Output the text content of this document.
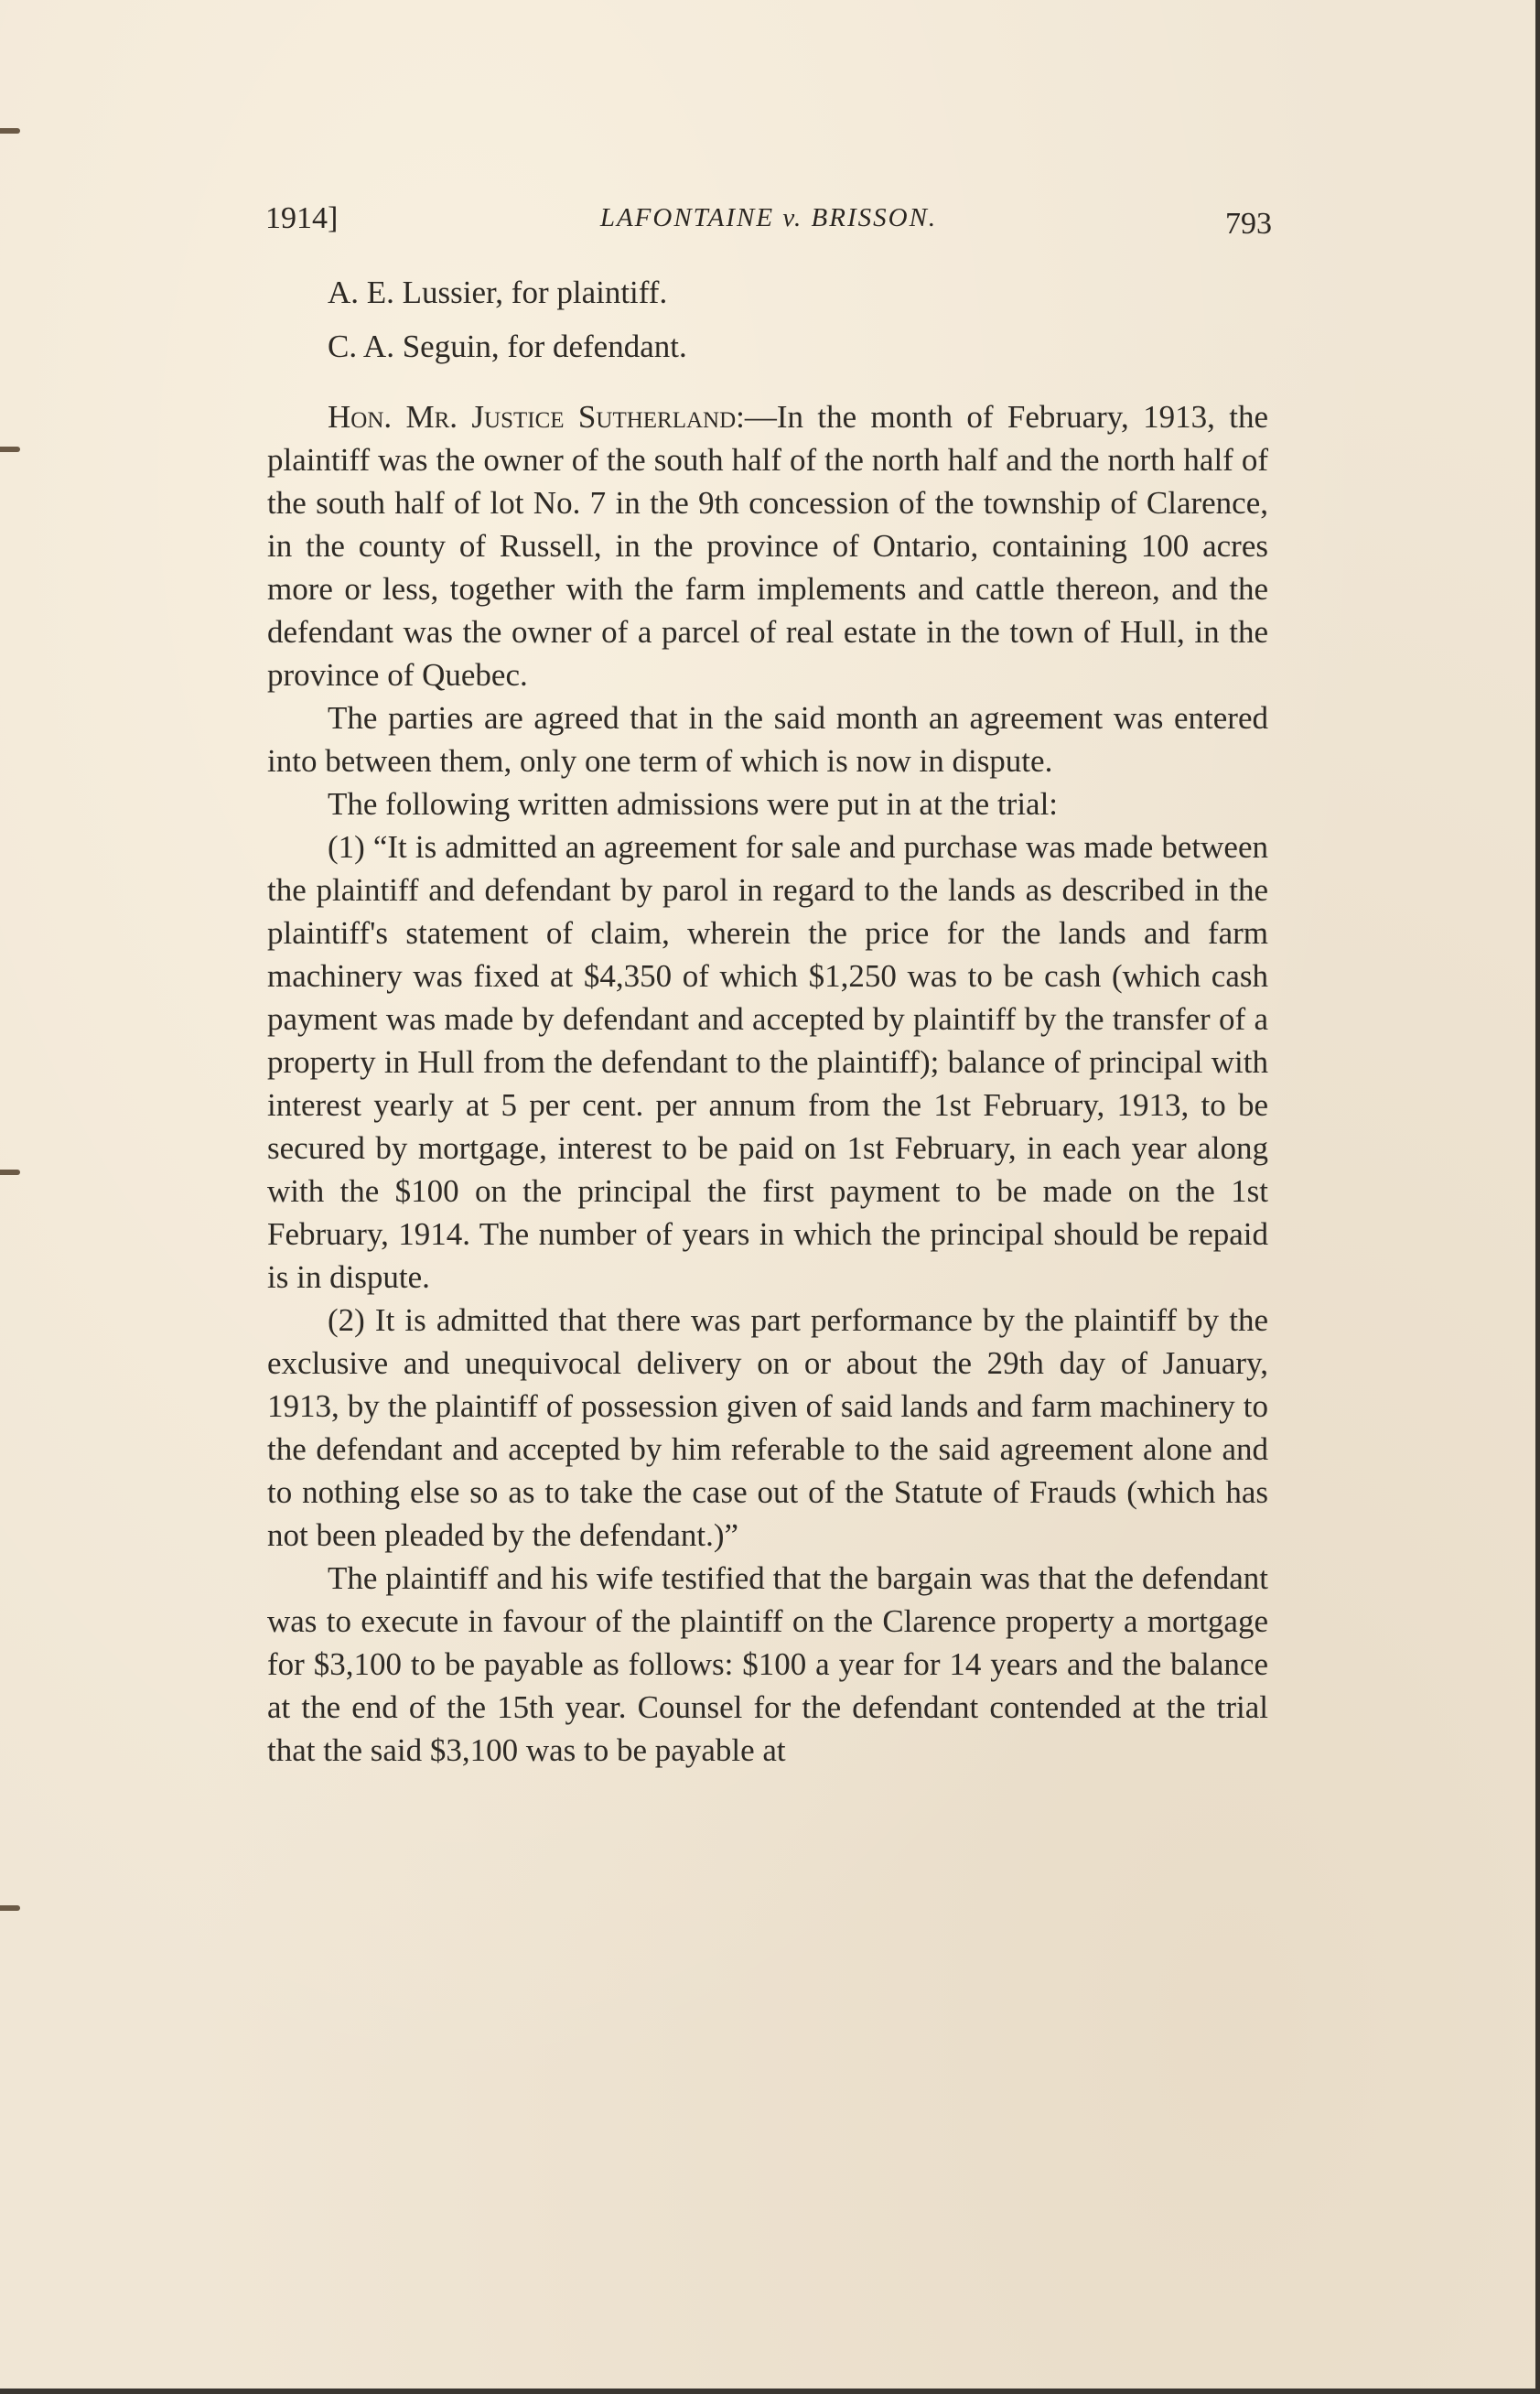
1914]	LAFONTAINE v. BRISSON.	793

A. E. Lussier, for plaintiff.

C. A. Seguin, for defendant.

Hon. Mr. Justice Sutherland:—In the month of February, 1913, the plaintiff was the owner of the south half of the north half and the north half of the south half of lot No. 7 in the 9th concession of the township of Clarence, in the county of Russell, in the province of Ontario, containing 100 acres more or less, together with the farm implements and cattle thereon, and the defendant was the owner of a parcel of real estate in the town of Hull, in the province of Quebec.

The parties are agreed that in the said month an agreement was entered into between them, only one term of which is now in dispute.

The following written admissions were put in at the trial:

(1) “It is admitted an agreement for sale and purchase was made between the plaintiff and defendant by parol in regard to the lands as described in the plaintiff's statement of claim, wherein the price for the lands and farm machinery was fixed at $4,350 of which $1,250 was to be cash (which cash payment was made by defendant and accepted by plaintiff by the transfer of a property in Hull from the defendant to the plaintiff); balance of principal with interest yearly at 5 per cent. per annum from the 1st February, 1913, to be secured by mortgage, interest to be paid on 1st February, in each year along with the $100 on the principal the first payment to be made on the 1st February, 1914. The number of years in which the principal should be repaid is in dispute.

(2) It is admitted that there was part performance by the plaintiff by the exclusive and unequivocal delivery on or about the 29th day of January, 1913, by the plaintiff of possession given of said lands and farm machinery to the defendant and accepted by him referable to the said agreement alone and to nothing else so as to take the case out of the Statute of Frauds (which has not been pleaded by the defendant.)”

The plaintiff and his wife testified that the bargain was that the defendant was to execute in favour of the plaintiff on the Clarence property a mortgage for $3,100 to be payable as follows: $100 a year for 14 years and the balance at the end of the 15th year. Counsel for the defendant contended at the trial that the said $3,100 was to be payable at
